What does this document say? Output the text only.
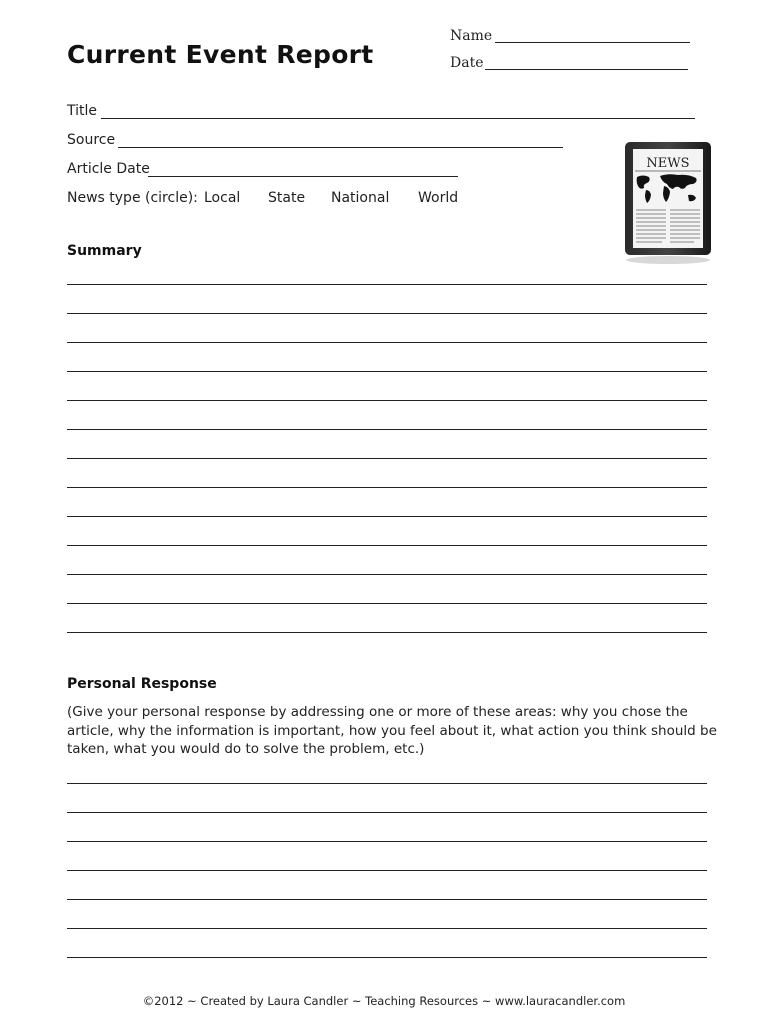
Current Event Report
Name
Date
Title
Source
Article Date
News type (circle): Local State National World
NEWS
Summary
Personal Response
(Give your personal response by addressing one or more of these areas: why you chose the article, why the information is important, how you feel about it, what action you think should be taken, what you would do to solve the problem, etc.)
©2012 ~ Created by Laura Candler ~ Teaching Resources ~ www.lauracandler.com
